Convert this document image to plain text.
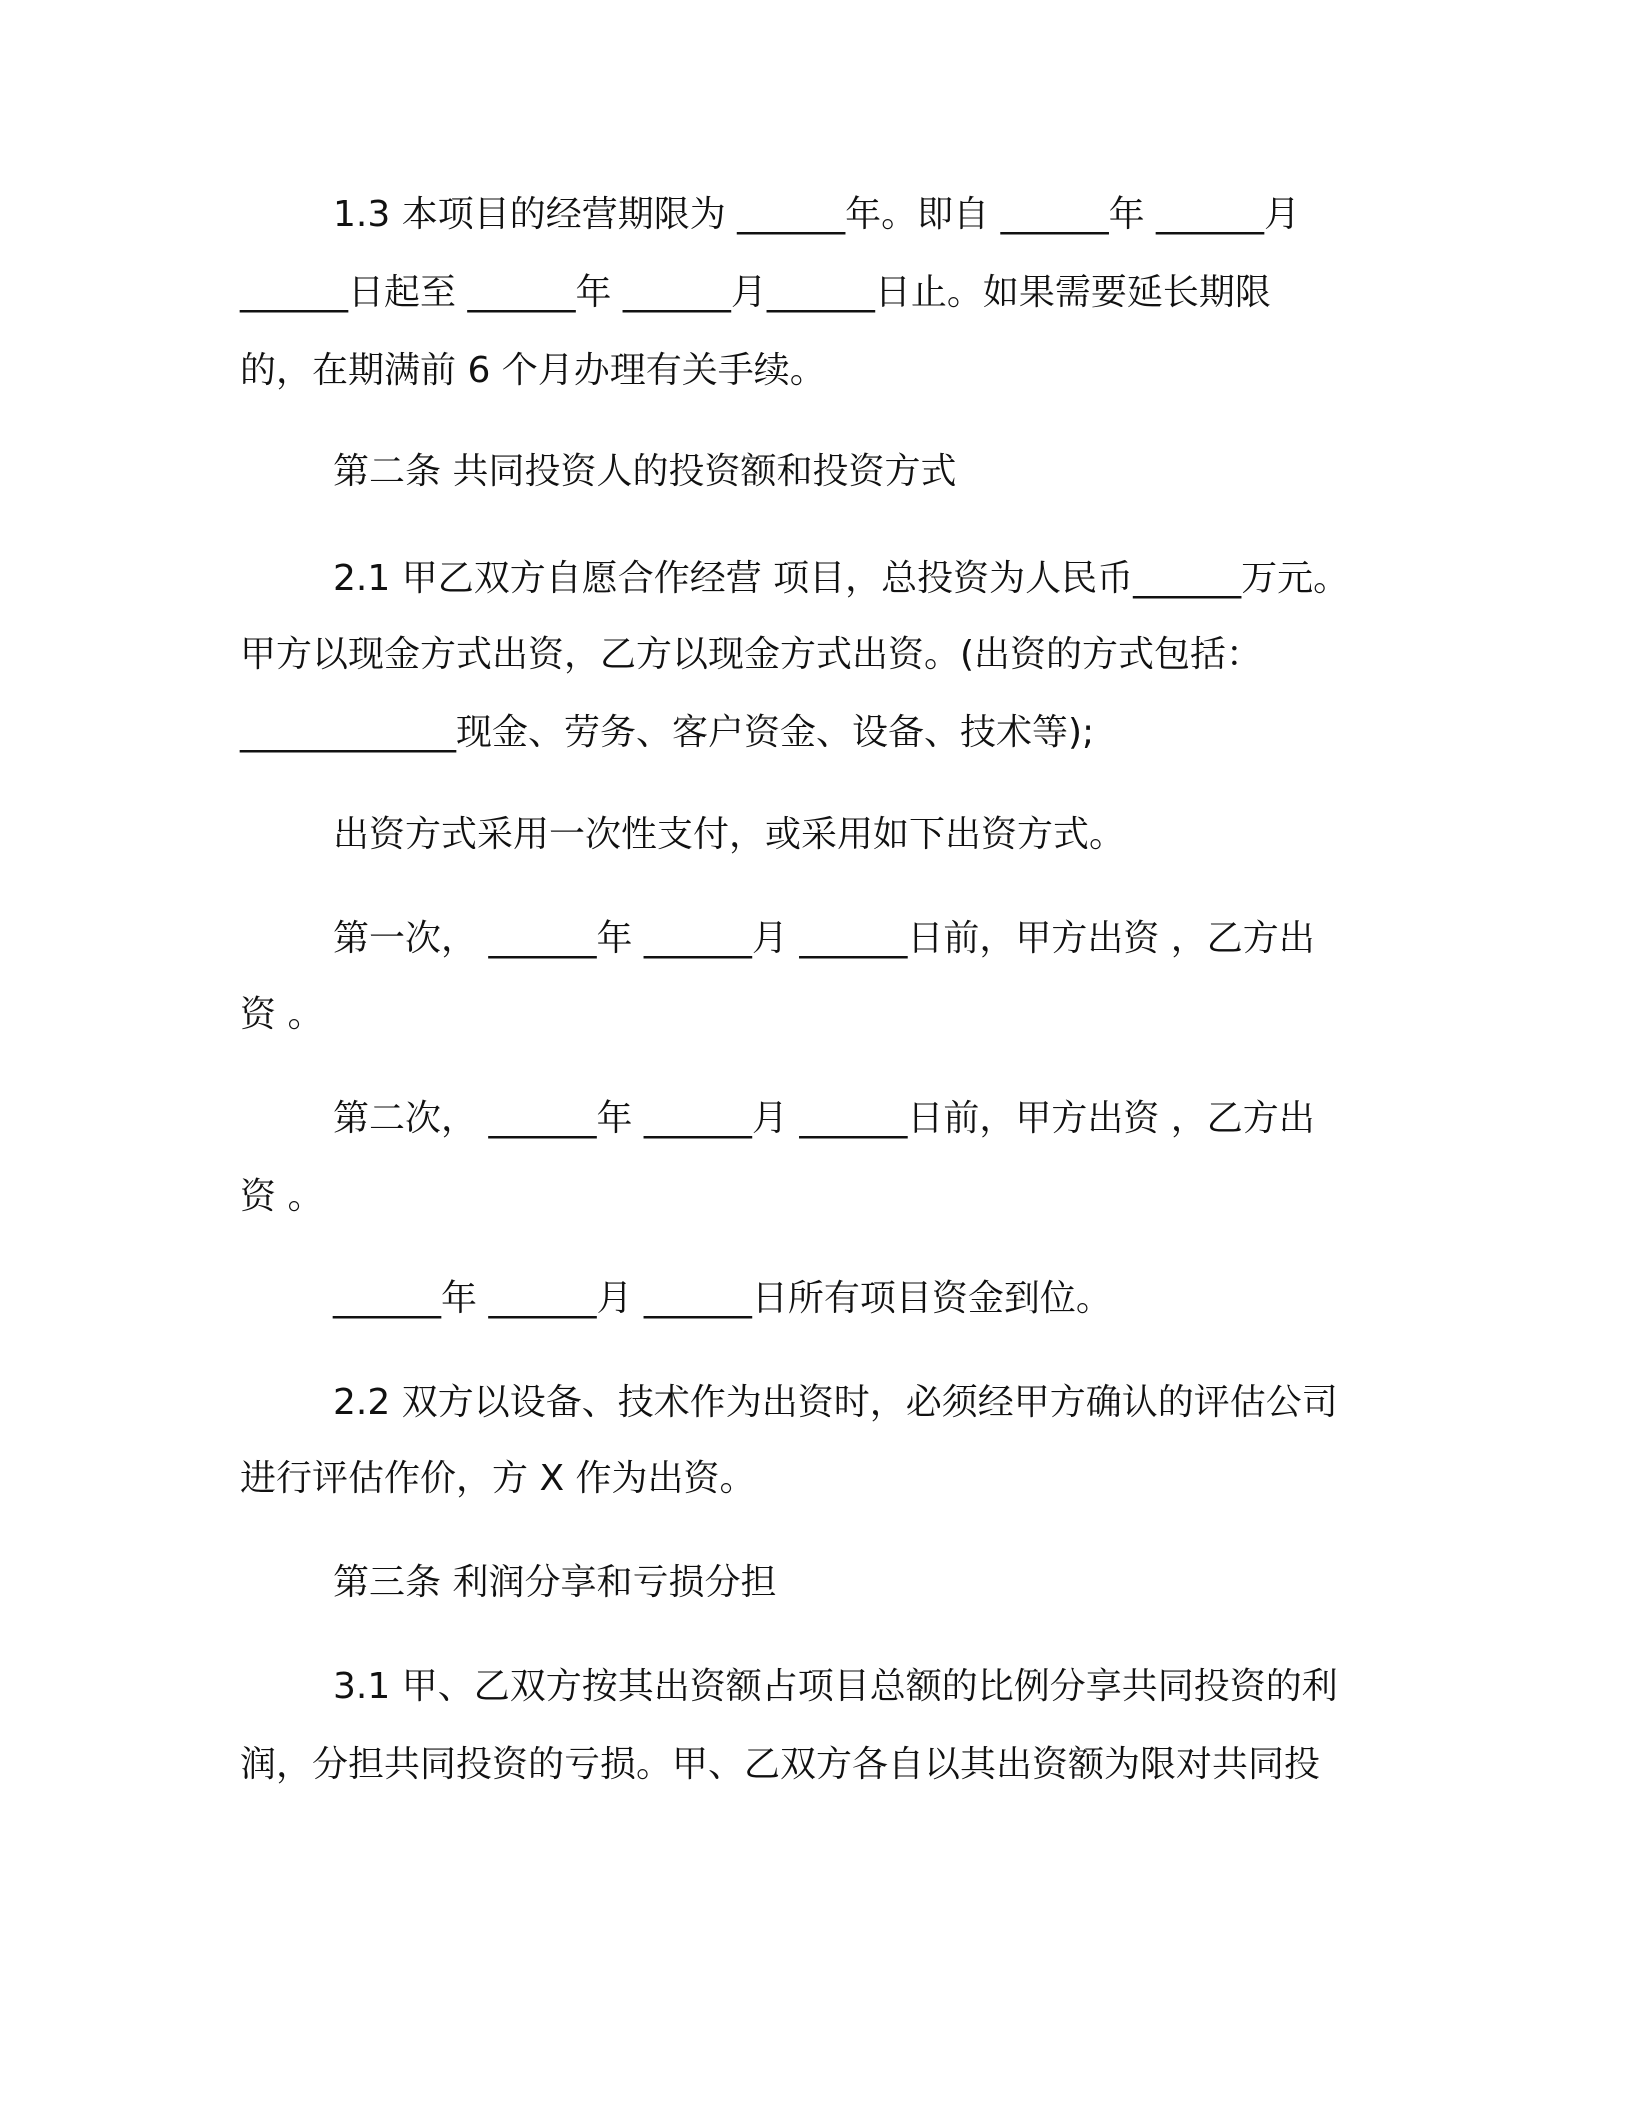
1.3 本项目的经营期限为 ______年。即自 ______年 ______月
______日起至 ______年 ______月______日止。如果需要延长期限
的，在期满前 6 个月办理有关手续。
第二条 共同投资人的投资额和投资方式
2.1 甲乙双方自愿合作经营 项目，总投资为人民币______万元。
甲方以现金方式出资，乙方以现金方式出资。(出资的方式包括：
____________现金、劳务、客户资金、设备、技术等);
出资方式采用一次性支付，或采用如下出资方式。
第一次， ______年 ______月 ______日前，甲方出资 ，乙方出
资 。
第二次， ______年 ______月 ______日前，甲方出资 ，乙方出
资 。
______年 ______月 ______日所有项目资金到位。
2.2 双方以设备、技术作为出资时，必须经甲方确认的评估公司
进行评估作价，方 X 作为出资。
第三条 利润分享和亏损分担
3.1 甲、乙双方按其出资额占项目总额的比例分享共同投资的利
润，分担共同投资的亏损。甲、乙双方各自以其出资额为限对共同投
